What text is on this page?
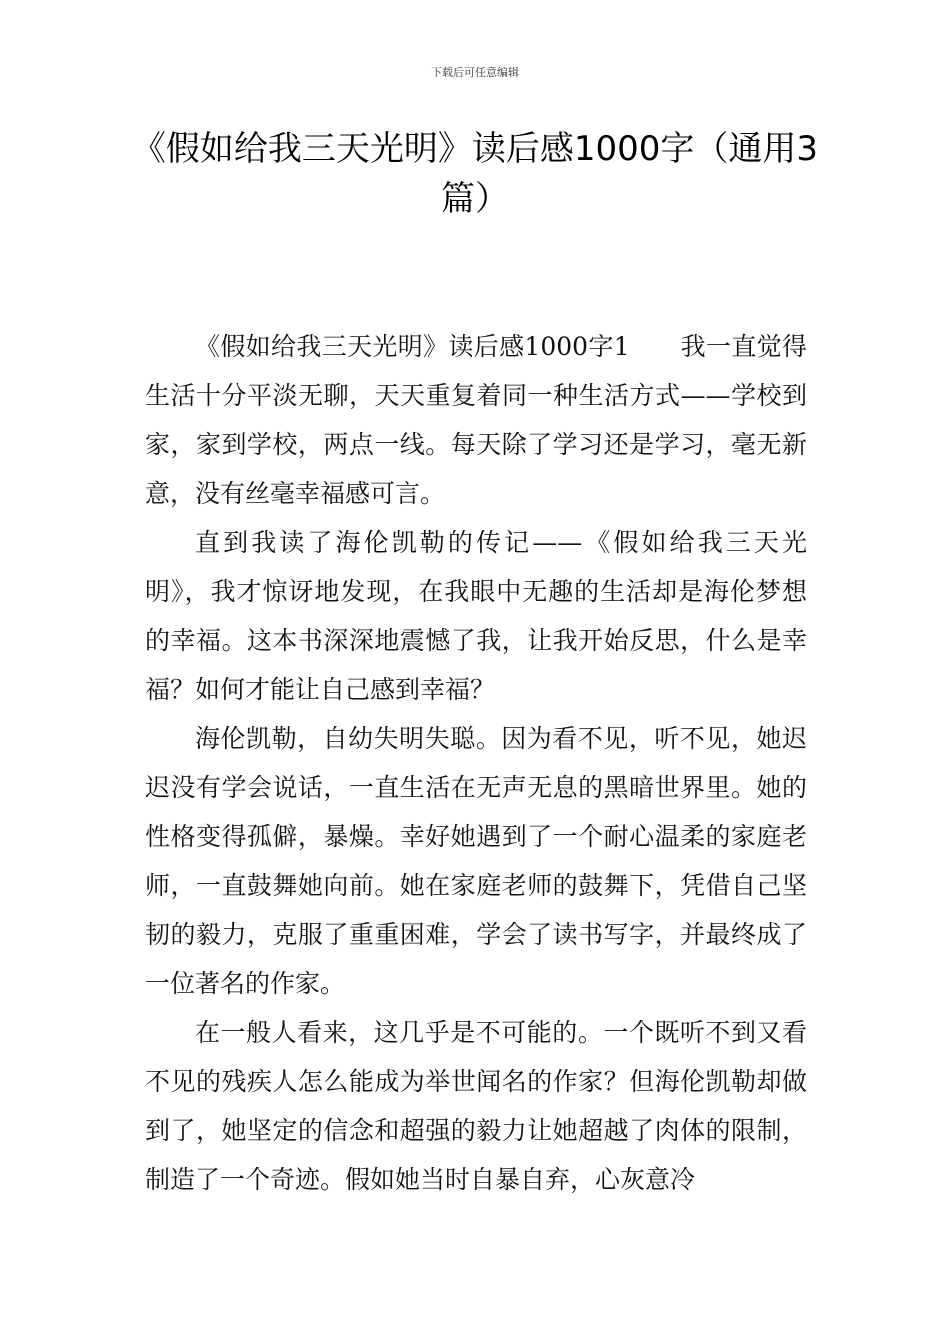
下载后可任意编辑
《假如给我三天光明》读后感1000字（通用3篇）

《假如给我三天光明》读后感1000字1　　我一直觉得生活十分平淡无聊，天天重复着同一种生活方式——学校到家，家到学校，两点一线。每天除了学习还是学习，毫无新意，没有丝毫幸福感可言。

直到我读了海伦凯勒的传记——《假如给我三天光明》，我才惊讶地发现，在我眼中无趣的生活却是海伦梦想的幸福。这本书深深地震憾了我，让我开始反思，什么是幸福？如何才能让自己感到幸福？

海伦凯勒，自幼失明失聪。因为看不见，听不见，她迟迟没有学会说话，一直生活在无声无息的黑暗世界里。她的性格变得孤僻，暴燥。幸好她遇到了一个耐心温柔的家庭老师，一直鼓舞她向前。她在家庭老师的鼓舞下，凭借自己坚韧的毅力，克服了重重困难，学会了读书写字，并最终成了一位著名的作家。

在一般人看来，这几乎是不可能的。一个既听不到又看不见的残疾人怎么能成为举世闻名的作家？但海伦凯勒却做到了，她坚定的信念和超强的毅力让她超越了肉体的限制，制造了一个奇迹。假如她当时自暴自弃，心灰意冷
